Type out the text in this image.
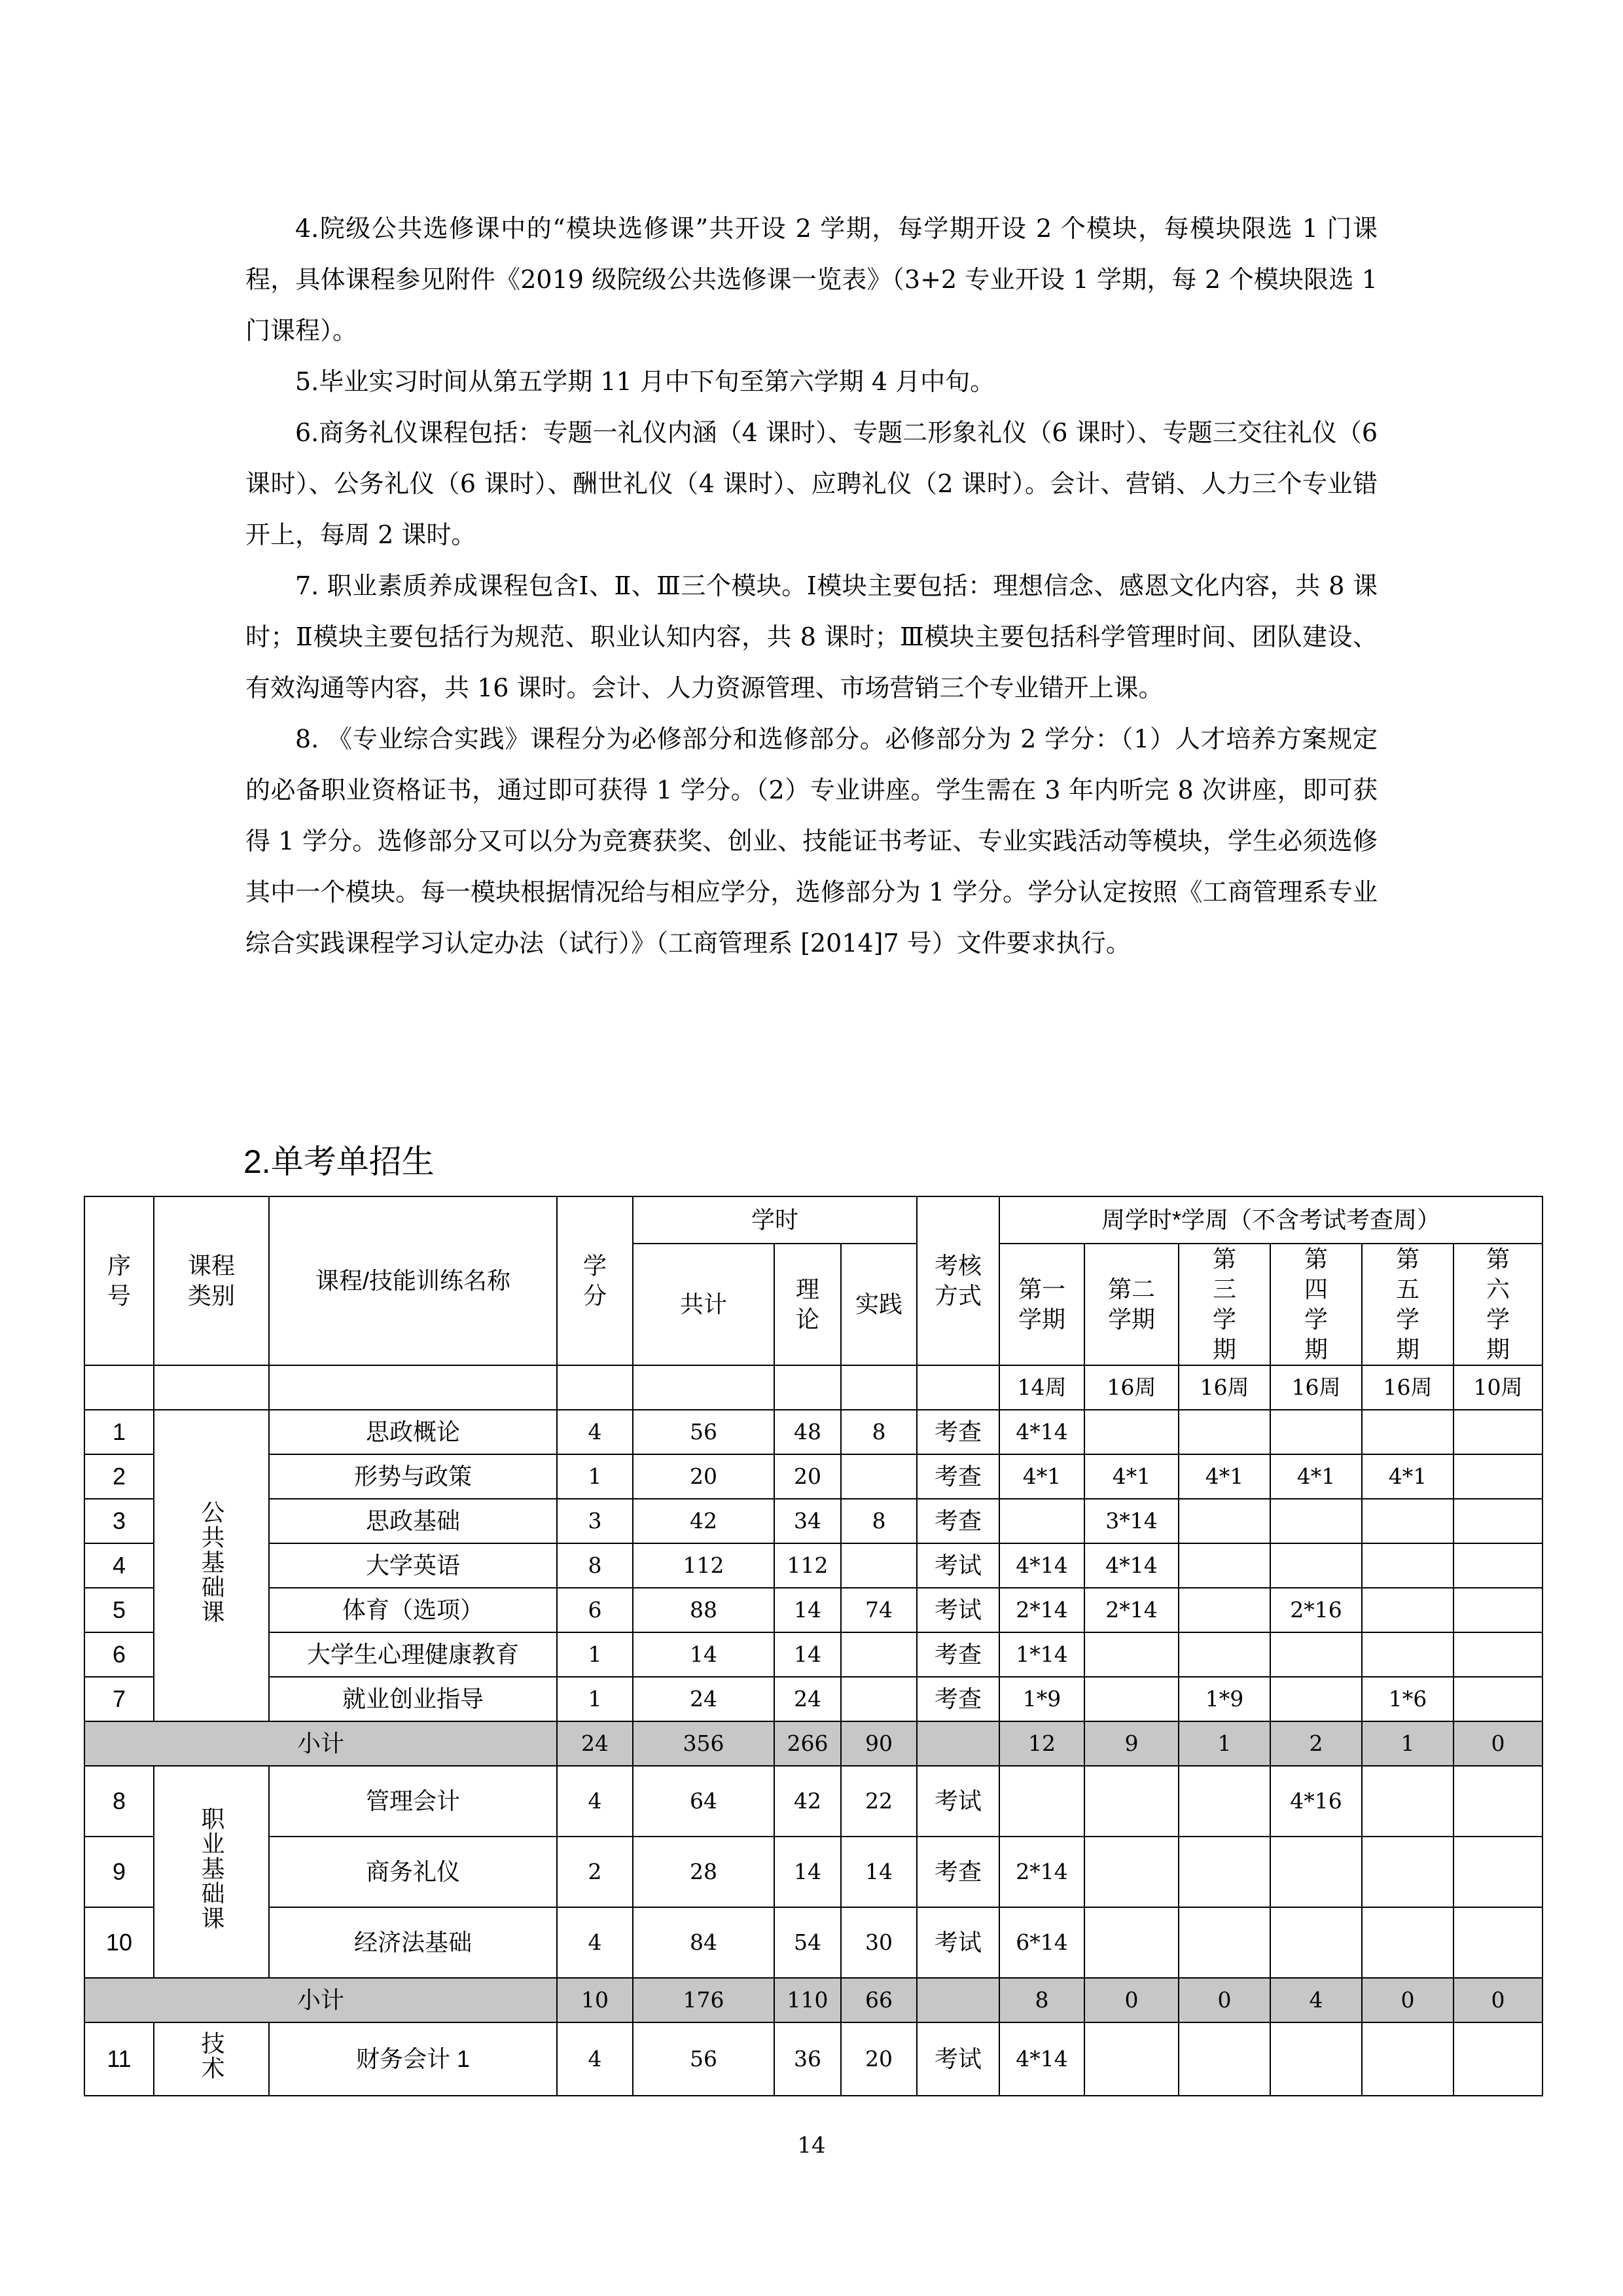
4.院级公共选修课中的“模块选修课”共开设 2 学期，每学期开设 2 个模块，每模块限选 1 门课程，具体课程参见附件《2019 级院级公共选修课一览表》（3+2 专业开设 1 学期，每 2 个模块限选 1 门课程）。

5.毕业实习时间从第五学期 11 月中下旬至第六学期 4 月中旬。

6.商务礼仪课程包括：专题一礼仪内涵（4 课时）、专题二形象礼仪（6 课时）、专题三交往礼仪（6 课时）、公务礼仪（6 课时）、酬世礼仪（4 课时）、应聘礼仪（2 课时）。会计、营销、人力三个专业错开上，每周 2 课时。

7. 职业素质养成课程包含Ⅰ、Ⅱ、Ⅲ三个模块。Ⅰ模块主要包括：理想信念、感恩文化内容，共 8 课时；Ⅱ模块主要包括行为规范、职业认知内容，共 8 课时；Ⅲ模块主要包括科学管理时间、团队建设、有效沟通等内容，共 16 课时。会计、人力资源管理、市场营销三个专业错开上课。

8. 《专业综合实践》课程分为必修部分和选修部分。必修部分为 2 学分：（1）人才培养方案规定的必备职业资格证书，通过即可获得 1 学分。（2）专业讲座。学生需在 3 年内听完 8 次讲座，即可获得 1 学分。选修部分又可以分为竞赛获奖、创业、技能证书考证、专业实践活动等模块，学生必须选修其中一个模块。每一模块根据情况给与相应学分，选修部分为 1 学分。学分认定按照《工商管理系专业综合实践课程学习认定办法（试行）》（工商管理系 [2014]7 号）文件要求执行。

2.单考单招生
序号	课程类别	课程/技能训练名称	学分	学时			考核方式	周学时*学周（不含考试考查周）					
				共计	理论	实践		第一学期	第二学期	第三学期	第四学期	第五学期	第六学期
								14周	16周	16周	16周	16周	10周
1	公共基础课	思政概论	4	56	48	8	考查	4*14					
2		形势与政策	1	20	20		考查	4*1	4*1	4*1	4*1	4*1	
3		思政基础	3	42	34	8	考查		3*14				
4		大学英语	8	112	112		考试	4*14	4*14				
5		体育（选项）	6	88	14	74	考试	2*14	2*14		2*16		
6		大学生心理健康教育	1	14	14		考查	1*14					
7		就业创业指导	1	24	24		考查	1*9		1*9		1*6	
小计			24	356	266	90		12	9	1	2	1	0
8	职业基础课	管理会计	4	64	42	22	考试				4*16		
9		商务礼仪	2	28	14	14	考查	2*14					
10		经济法基础	4	84	54	30	考试	6*14					
小计			10	176	110	66		8	0	0	4	0	0
11	技术	财务会计 1	4	56	36	20	考试	4*14					
14
